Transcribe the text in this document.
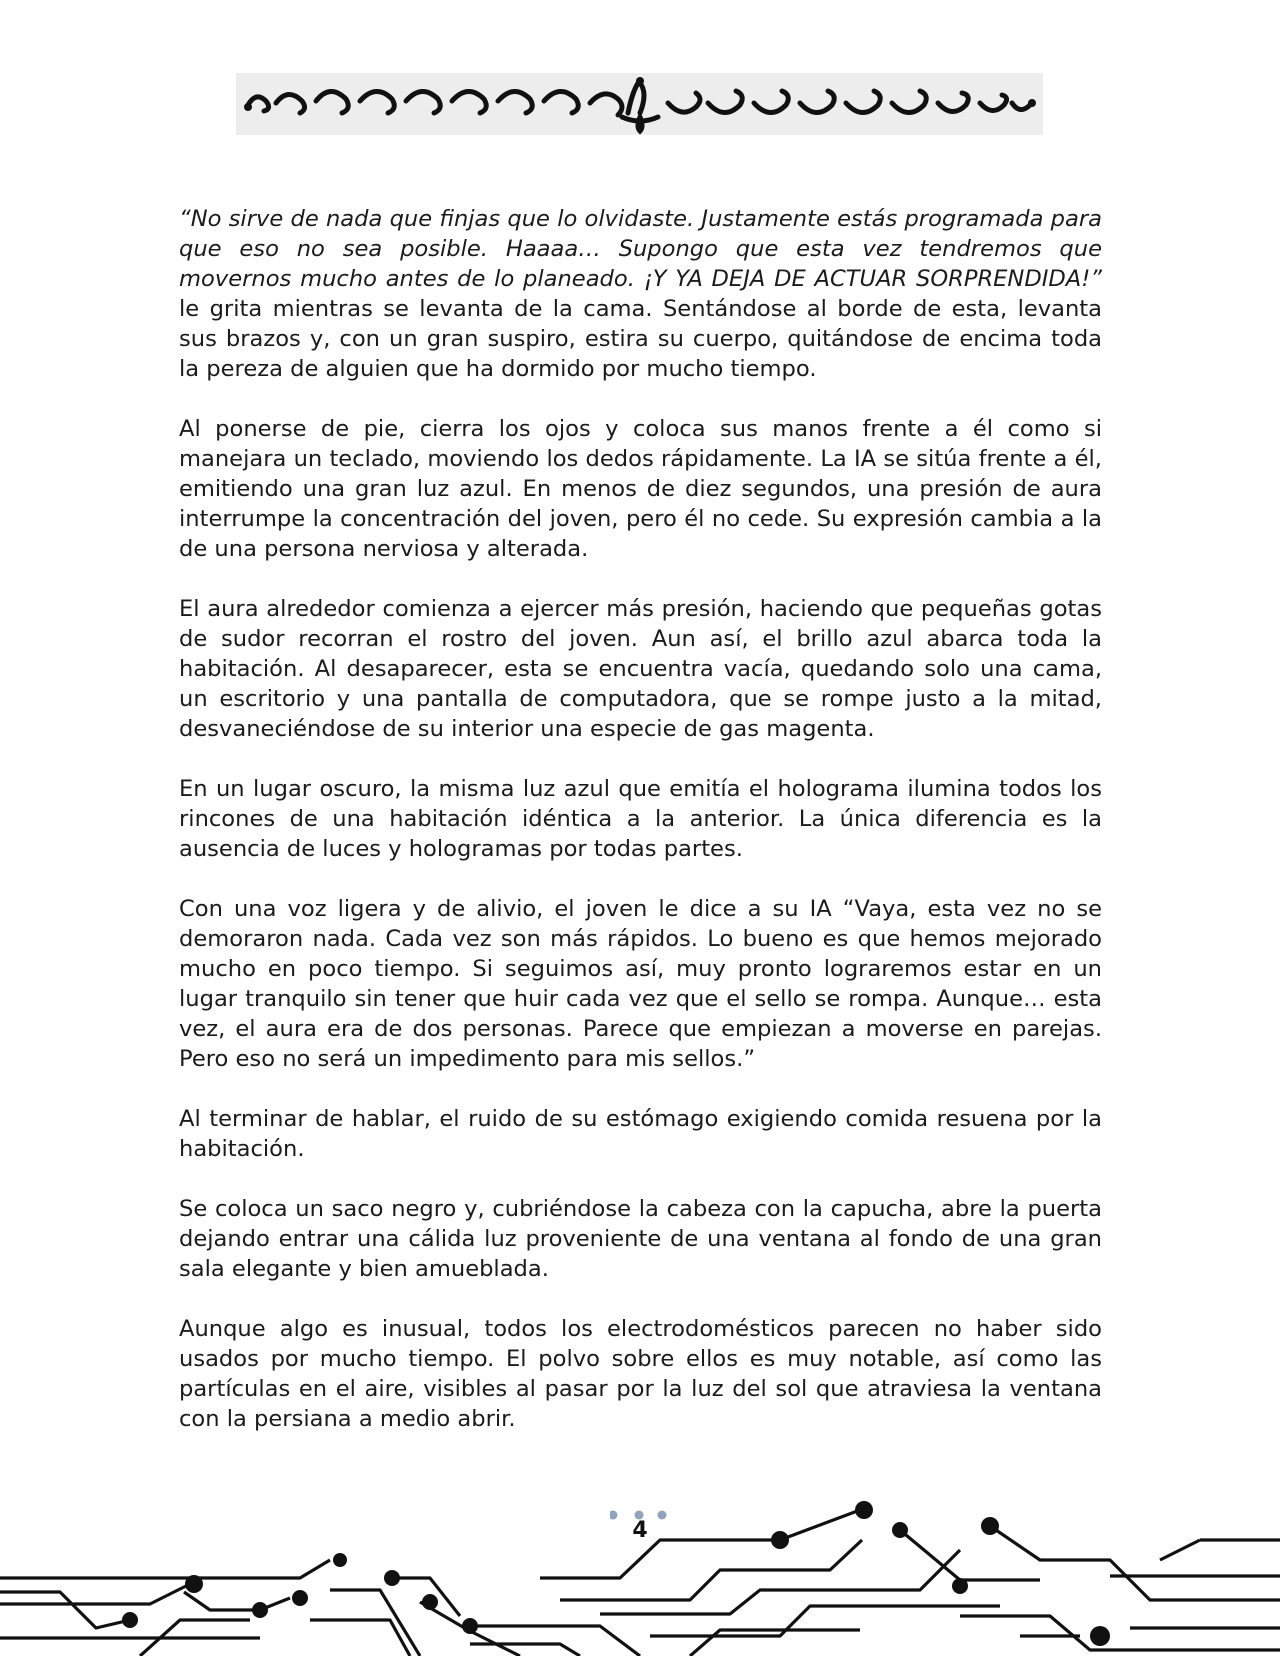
“No sirve de nada que finjas que lo olvidaste. Justamente estás programada para que eso no sea posible. Haaaa… Supongo que esta vez tendremos que movernos mucho antes de lo planeado. ¡Y YA DEJA DE ACTUAR SORPRENDIDA!” le grita mientras se levanta de la cama. Sentándose al borde de esta, levanta sus brazos y, con un gran suspiro, estira su cuerpo, quitándose de encima toda la pereza de alguien que ha dormido por mucho tiempo.

Al ponerse de pie, cierra los ojos y coloca sus manos frente a él como si manejara un teclado, moviendo los dedos rápidamente. La IA se sitúa frente a él, emitiendo una gran luz azul. En menos de diez segundos, una presión de aura interrumpe la concentración del joven, pero él no cede. Su expresión cambia a la de una persona nerviosa y alterada.

El aura alrededor comienza a ejercer más presión, haciendo que pequeñas gotas de sudor recorran el rostro del joven. Aun así, el brillo azul abarca toda la habitación. Al desaparecer, esta se encuentra vacía, quedando solo una cama, un escritorio y una pantalla de computadora, que se rompe justo a la mitad, desvaneciéndose de su interior una especie de gas magenta.

En un lugar oscuro, la misma luz azul que emitía el holograma ilumina todos los rincones de una habitación idéntica a la anterior. La única diferencia es la ausencia de luces y hologramas por todas partes.

Con una voz ligera y de alivio, el joven le dice a su IA “Vaya, esta vez no se demoraron nada. Cada vez son más rápidos. Lo bueno es que hemos mejorado mucho en poco tiempo. Si seguimos así, muy pronto lograremos estar en un lugar tranquilo sin tener que huir cada vez que el sello se rompa. Aunque… esta vez, el aura era de dos personas. Parece que empiezan a moverse en parejas. Pero eso no será un impedimento para mis sellos.”

Al terminar de hablar, el ruido de su estómago exigiendo comida resuena por la habitación.

Se coloca un saco negro y, cubriéndose la cabeza con la capucha, abre la puerta dejando entrar una cálida luz proveniente de una ventana al fondo de una gran sala elegante y bien amueblada.

Aunque algo es inusual, todos los electrodomésticos parecen no haber sido usados por mucho tiempo. El polvo sobre ellos es muy notable, así como las partículas en el aire, visibles al pasar por la luz del sol que atraviesa la ventana con la persiana a medio abrir.

4
